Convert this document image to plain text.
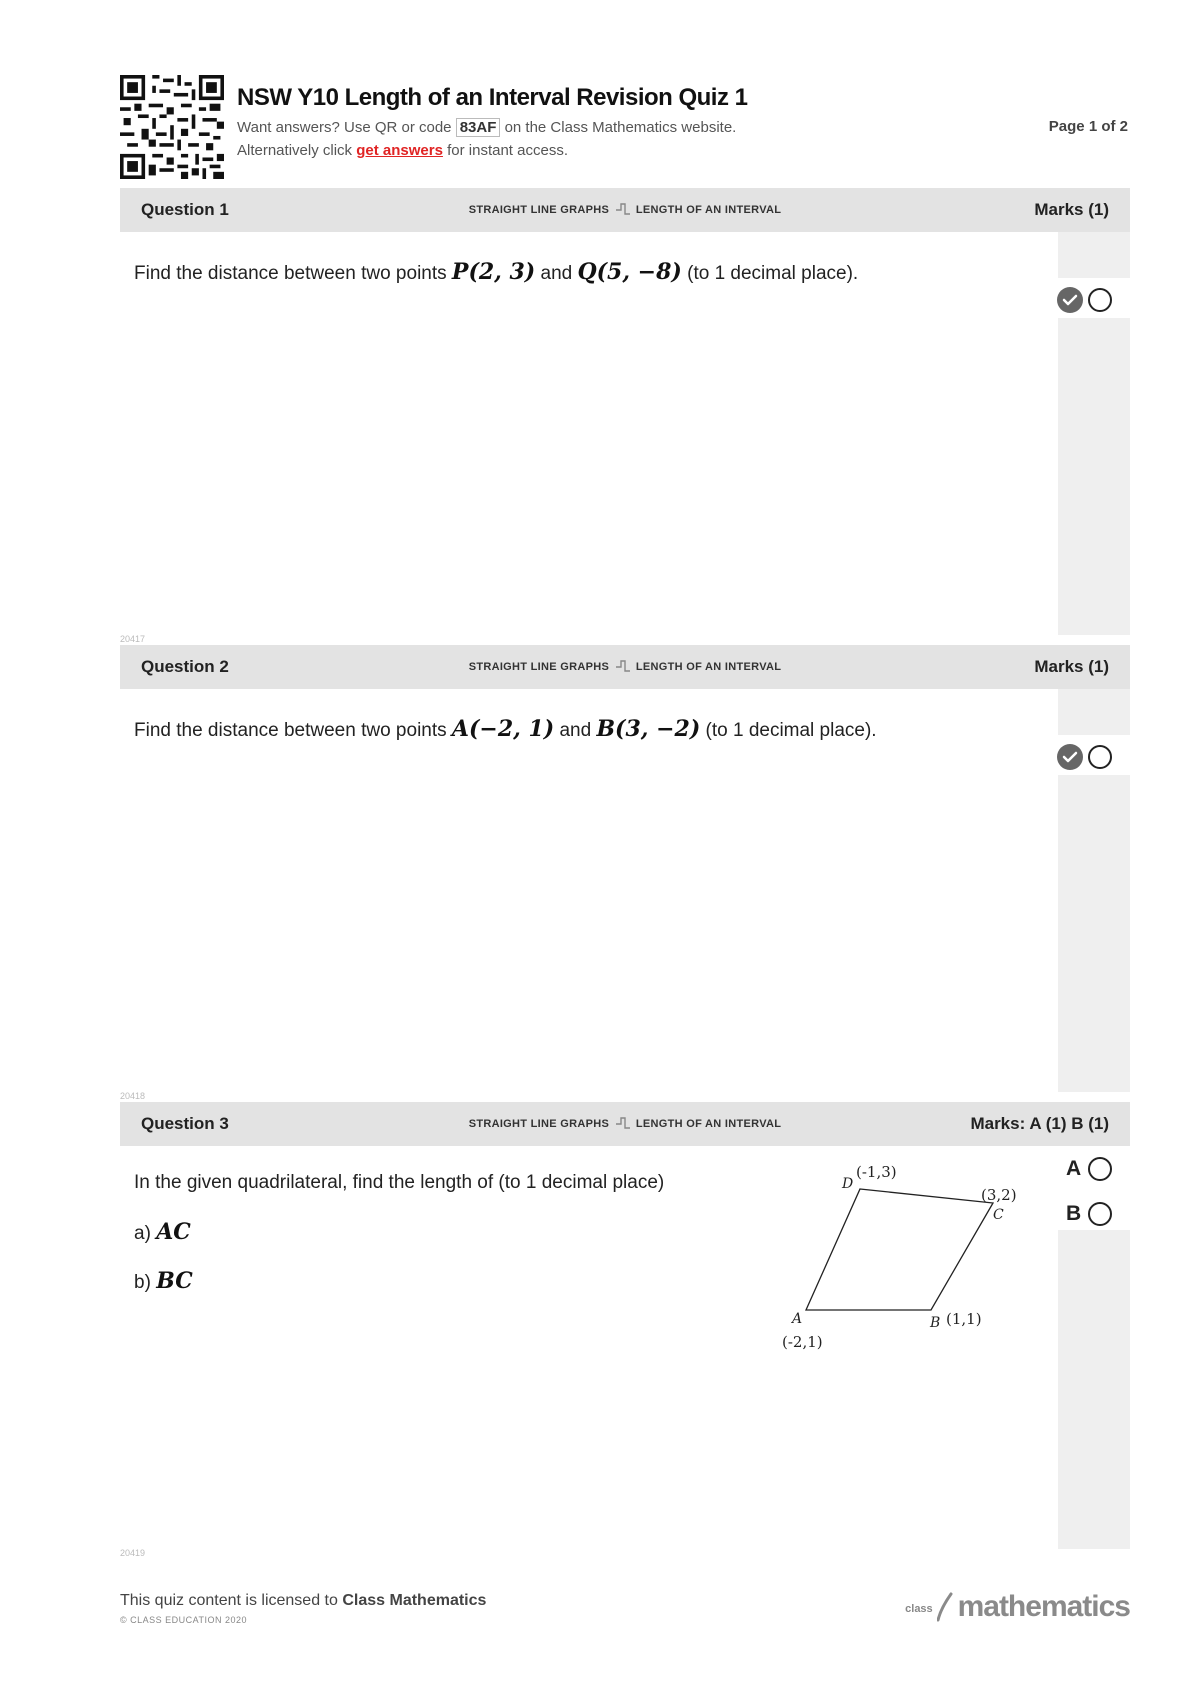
NSW Y10 Length of an Interval Revision Quiz 1
Want answers? Use QR or code 83AF on the Class Mathematics website.
Alternatively click get answers for instant access.
Page 1 of 2
Question 1	STRAIGHT LINE GRAPHS LENGTH OF AN INTERVAL	Marks (1)
Find the distance between two points P(2, 3) and Q(5, −8) (to 1 decimal place).
20417
Question 2	STRAIGHT LINE GRAPHS LENGTH OF AN INTERVAL	Marks (1)
Find the distance between two points A(−2, 1) and B(3, −2) (to 1 decimal place).
20418
Question 3	STRAIGHT LINE GRAPHS LENGTH OF AN INTERVAL	Marks: A (1) B (1)
A
B
In the given quadrilateral, find the length of (to 1 decimal place)
a) AC
b) BC
D
(-1,3)
C
(3,2)
A
(-2,1)
B (1,1)
20419
This quiz content is licensed to Class Mathematics
© CLASS EDUCATION 2020
$^{class}$ mathematics
